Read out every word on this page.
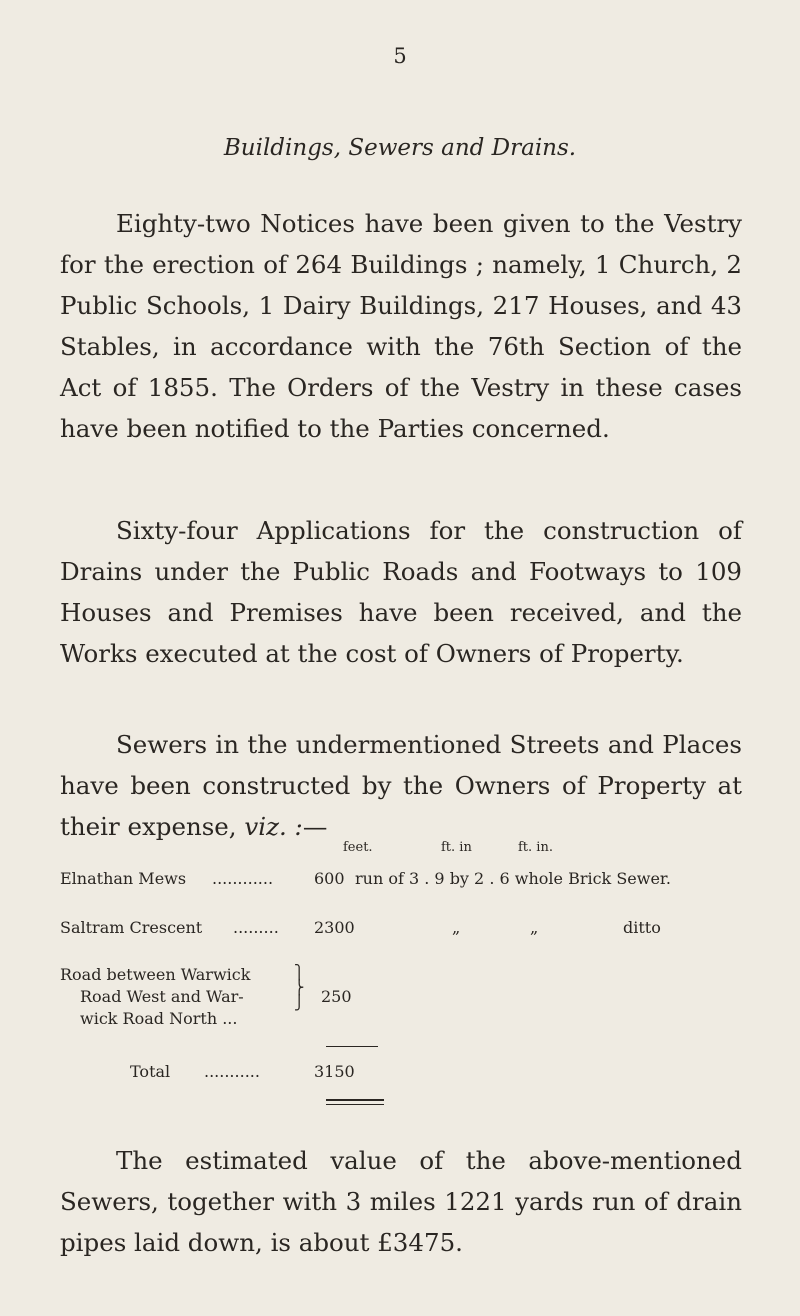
5
Buildings, Sewers and Drains.

Eighty-two Notices have been given to the Vestry for the erection of 264 Buildings ; namely, 1 Church, 2 Public Schools, 1 Dairy Buildings, 217 Houses, and 43 Stables, in accordance with the 76th Section of the Act of 1855. The Orders of the Vestry in these cases have been notified to the Parties concerned.

Sixty-four Applications for the construction of Drains under the Public Roads and Footways to 109 Houses and Premises have been received, and the Works executed at the cost of Owners of Property.

Sewers in the undermentioned Streets and Places have been constructed by the Owners of Property at their expense, viz. :—

feet.	ft. in	ft. in.
Elnathan Mews ............	600 run of 3 . 9 by 2 . 6 whole Brick Sewer.
Saltram Crescent ......... 2300	„	„	ditto
Road between Warwick
Road West and War-
wick Road North ...
⎫
⎬
⎭ 250
Total ...........	3150

The estimated value of the above-mentioned Sewers, together with 3 miles 1221 yards run of drain pipes laid down, is about £3475.
